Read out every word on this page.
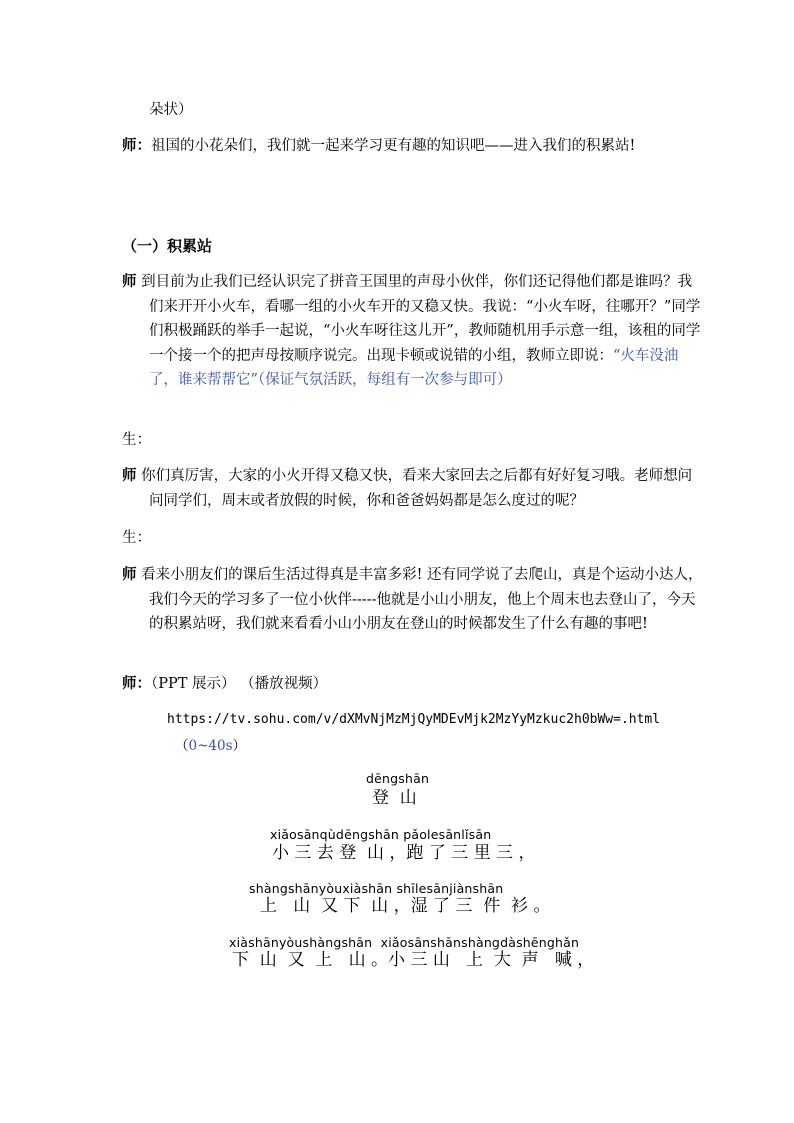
朵状）
师：祖国的小花朵们，我们就一起来学习更有趣的知识吧——进入我们的积累站!
（一）积累站
师 到目前为止我们已经认识完了拼音王国里的声母小伙伴，你们还记得他们都是谁吗？我们来开开小火车，看哪一组的小火车开的又稳又快。我说：“小火车呀，往哪开？”同学们积极踊跃的举手一起说，“小火车呀往这儿开”，教师随机用手示意一组，该租的同学一个接一个的把声母按顺序说完。出现卡顿或说错的小组，教师立即说：“火车没油了，谁来帮帮它”（保证气氛活跃，每组有一次参与即可）
生：
师 你们真厉害，大家的小火开得又稳又快，看来大家回去之后都有好好复习哦。老师想问问同学们，周末或者放假的时候，你和爸爸妈妈都是怎么度过的呢？
生：
师 看来小朋友们的课后生活过得真是丰富多彩! 还有同学说了去爬山，真是个运动小达人，我们今天的学习多了一位小伙伴-----他就是小山小朋友，他上个周末也去登山了，今天的积累站呀，我们就来看看小山小朋友在登山的时候都发生了什么有趣的事吧!
师：（PPT 展示） （播放视频）
https://tv.sohu.com/v/dXMvNjMzMjQyMDEvMjk2MzYyMzkuc2h0bWw=.html
（0~40s）
dēngshān
登  山
xiǎosānqùdēngshān pǎolesānlǐsān
小 三 去 登  山 ，跑 了 三 里 三 ，
shàngshānyòuxiàshān shīlesānjiànshān
上   山  又 下  山 ，湿 了 三  件  衫 。
xiàshānyòushàngshān  xiǎosānshānshàngdàshēnghǎn
下  山  又  上   山 。小 三 山   上  大  声   喊 ，
